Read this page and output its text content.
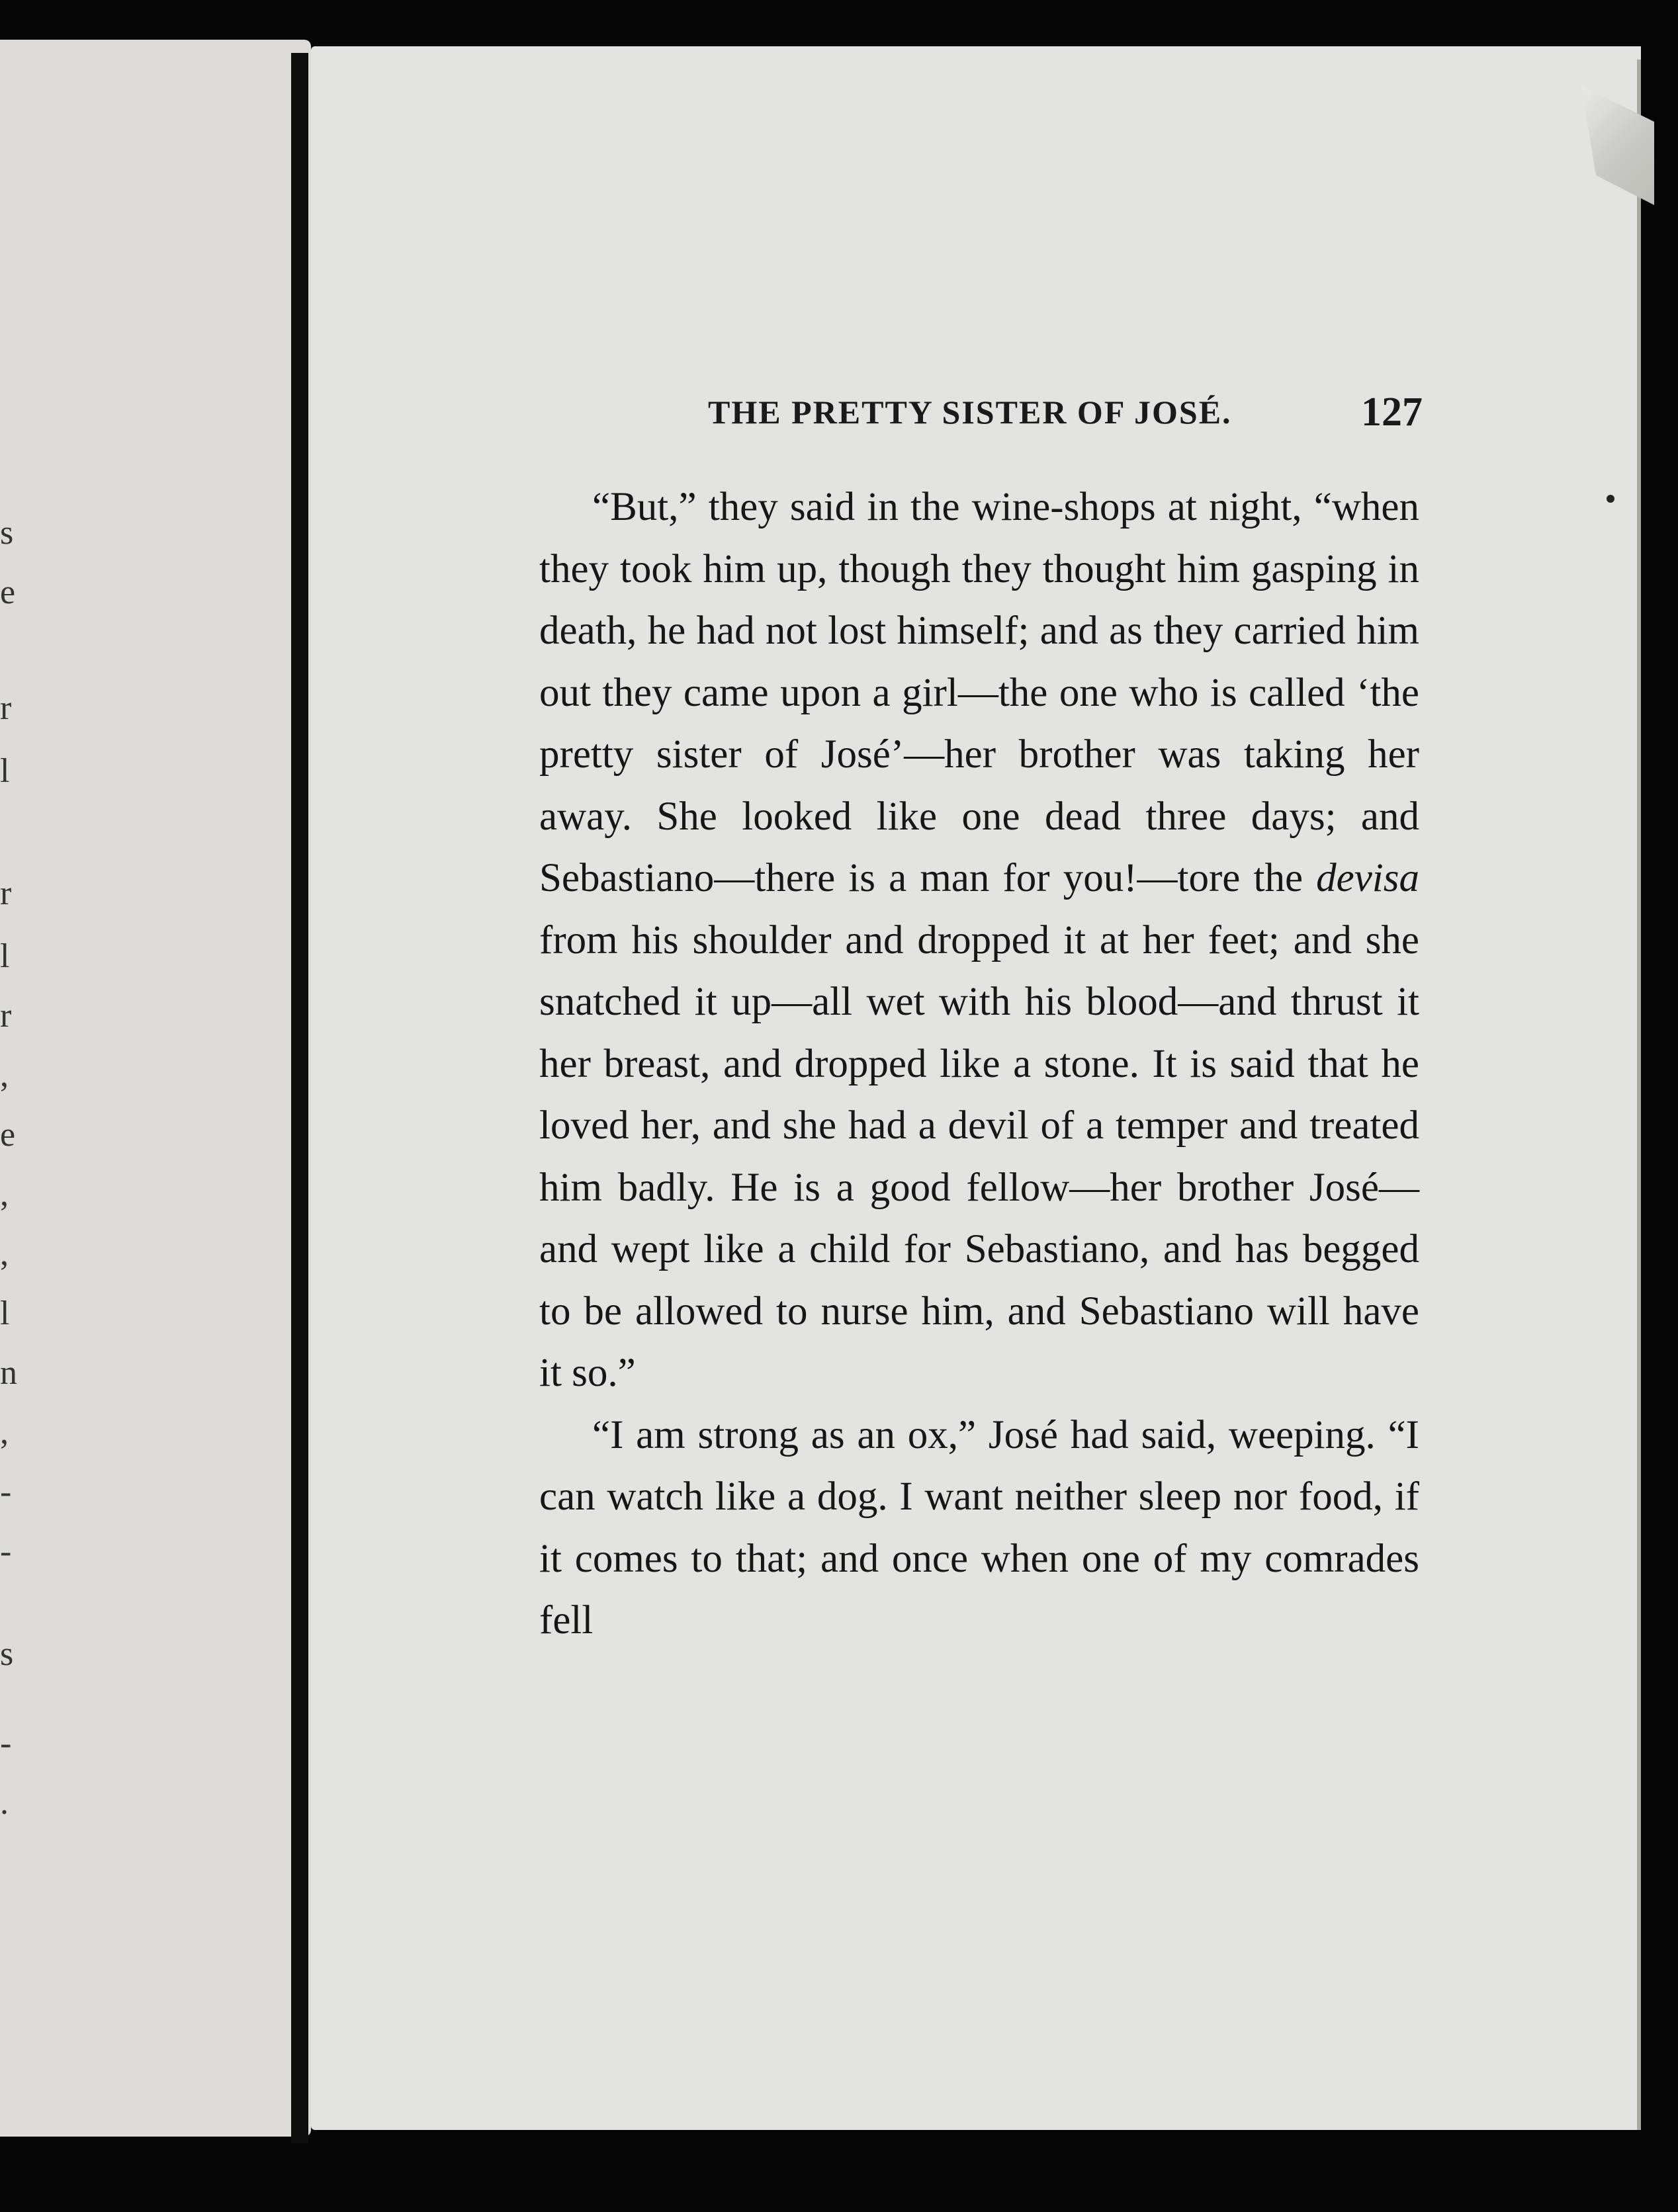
s
e
r
l
r
l
r
,
e
,
,
l
n
,
-
-
s
-
.
THE PRETTY SISTER OF JOSÉ.	127

“But,” they said in the wine-shops at night, “when they took him up, though they thought him gasping in death, he had not lost himself; and as they carried him out they came upon a girl—the one who is called ‘the pretty sister of José’—her brother was taking her away. She looked like one dead three days; and Sebastiano—there is a man for you!—tore the devisa from his shoulder and dropped it at her feet; and she snatched it up—all wet with his blood—and thrust it her breast, and dropped like a stone. It is said that he loved her, and she had a devil of a temper and treated him badly. He is a good fellow—her brother José—and wept like a child for Sebastiano, and has begged to be allowed to nurse him, and Sebastiano will have it so.”

“I am strong as an ox,” José had said, weeping. “I can watch like a dog. I want neither sleep nor food, if it comes to that; and once when one of my comrades fell
